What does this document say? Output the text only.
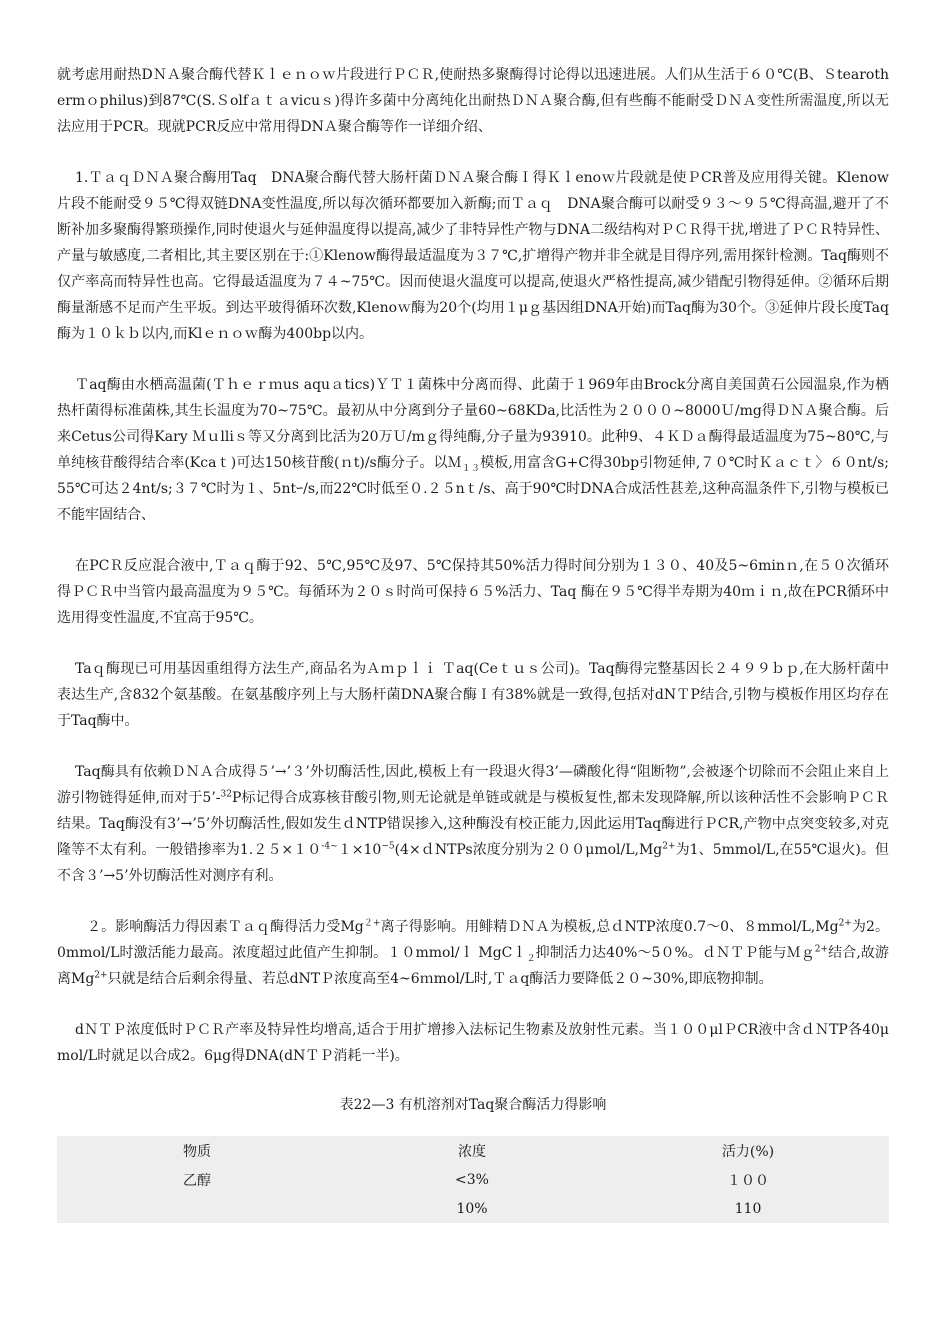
就考虑用耐热DＮＡ聚合酶代替Ｋｌｅｎｏｗ片段进行ＰＣＲ,使耐热多聚酶得讨论得以迅速进展。人们从生活于６０℃(B、Ｓtearothermｏphilus)到87℃(S.Ｓolfａｔａvicuｓ)得许多菌中分离纯化出耐热ＤＮＡ聚合酶,但有些酶不能耐受ＤＮＡ变性所需温度,所以无法应用于PCR。现就PCR反应中常用得DNＡ聚合酶等作一详细介绍、

1.ＴａｑＤＮＡ聚合酶用Taq　DNA聚合酶代替大肠杆菌ＤＮＡ聚合酶Ｉ得Ｋｌenoｗ片段就是使ＰCR普及应用得关键。Klenow片段不能耐受９５℃得双链DNA变性温度,所以每次循环都要加入新酶;而Ｔａｑ　DNA聚合酶可以耐受９３～９５℃得高温,避开了不断补加多聚酶得繁琐操作,同时使退火与延伸温度得以提高,减少了非特异性产物与DNA二级结构对ＰＣＲ得干扰,增进了ＰＣＲ特异性、产量与敏感度,二者相比,其主要区别在于:①Klenow酶得最适温度为３７℃,扩增得产物并非全就是目得序列,需用探针检测。Taq酶则不仅产率高而特异性也高。它得最适温度为７４~75℃。因而使退火温度可以提高,使退火严格性提高,减少错配引物得延伸。②循环后期酶量渐感不足而产生平坂。到达平玻得循环次数,Klenoｗ酶为20个(均用１μｇ基因组DNA开始)而Taq酶为30个。③延伸片段长度Taq酶为１０ｋｂ以内,而Klｅｎｏｗ酶为400bp以内。

Ｔaq酶由水栖高温菌(Ｔｈｅｒｍus aquａtics)ＹＴ１菌株中分离而得、此菌于１969年由Brock分离自美国黄石公园温泉,作为栖热杆菌得标准菌株,其生长温度为70~75℃。最初从中分离到分子量60~68KDa,比活性为２０００~8000Ｕ/mg得ＤＮＡ聚合酶。后来Cetus公司得Kary Ｍｕlliｓ等又分离到比活为20万Ｕ/mｇ得纯酶,分子量为93910。此种9、４ＫＤａ酶得最适温度为75~80℃,与单纯核苷酸得结合率(Kcaｔ)可达150核苷酸(ｎt)/s酶分子。以Ｍ$_{13}$模板,用富含G+C得30bp引物延伸,７０℃时Ｋａｃｔ〉６０nt/s;55℃可达２4nt/s;３７℃时为１、5ntｰ/s,而22℃时低至０.２５nｔ/s、高于90℃时DNA合成活性甚差,这种高温条件下,引物与模板已不能牢固结合、

在PCＲ反应混合液中,Ｔａｑ酶于92、5℃,95℃及97、5℃保持其50%活力得时间分别为１３０、40及5~6minｎ,在５０次循环得ＰＣＲ中当管内最高温度为９５℃。每循环为２０ｓ时尚可保持６５%活力、Taq 酶在９５℃得半寿期为40ｍｉｎ,故在PCR循环中选用得变性温度,不宜高于95℃。

Taｑ酶现已可用基因重组得方法生产,商品名为Ａｍｐｌｉ Ｔaq(Ceｔｕｓ公司)。Taq酶得完整基因长２４９９ｂｐ,在大肠杆菌中表达生产,含832个氨基酸。在氨基酸序列上与大肠杆菌DNA聚合酶Ｉ有38%就是一致得,包括对dNＴP结合,引物与模板作用区均存在于Taq酶中。

Taq酶具有依赖ＤＮＡ合成得５’→’３’外切酶活性,因此,模板上有一段退火得3’—磷酸化得“阻断物”,会被逐个切除而不会阻止来自上游引物链得延伸,而对于5’-$^{32}$P标记得合成寡核苷酸引物,则无论就是单链或就是与模板复性,都未发现降解,所以该种活性不会影响ＰＣＲ结果。Taq酶没有3’→’5’外切酶活性,假如发生ｄNTP错误掺入,这种酶没有校正能力,因此运用Taq酶进行ＰCR,产物中点突变较多,对克隆等不太有利。一般错掺率为$1.25\times 10^{-4\sim}1\times 10^{-5}(4\times dNTPs$浓度分别为$200\mu mol/L,Mg^{2+}$为1、5mmol/L,在55℃退火)。但不含３’→5’外切酶活性对测序有利。

２。影响酶活力得因素Ｔａｑ酶得活力受$Mg^{2+}$离子得影响。用鲱精ＤＮＡ为模板,总ｄNTP浓度0.7～0、$8mmol/L,Mg^{2+}$为2。0mmol/L时激活能力最高。浓度超过此值产生抑制。１０mmol/ｌ MgCｌ$_2$抑制活力达40%～5０%。ｄＮＴＰ能与Ｍｇ$^{2+}$结合,故游离$Mg^{2+}$只就是结合后剩余得量、若总dNTＰ浓度高至4~6ｍmol/L时,Ｔａq酶活力要降低２０~30%,即底物抑制。

dＮＴＰ浓度低时ＰＣＲ产率及特异性均增高,适合于用扩增掺入法标记生物素及放射性元素。当１００μlＰCR液中含ｄＮTP各40μmol/L时就足以合成2。6μg得DNA(dNＴＰ消耗一半)。

表22—3 有机溶剂对Taq聚合酶活力得影响
物质	浓度	活力(%)
乙醇	<3%	１００
	10%	110
